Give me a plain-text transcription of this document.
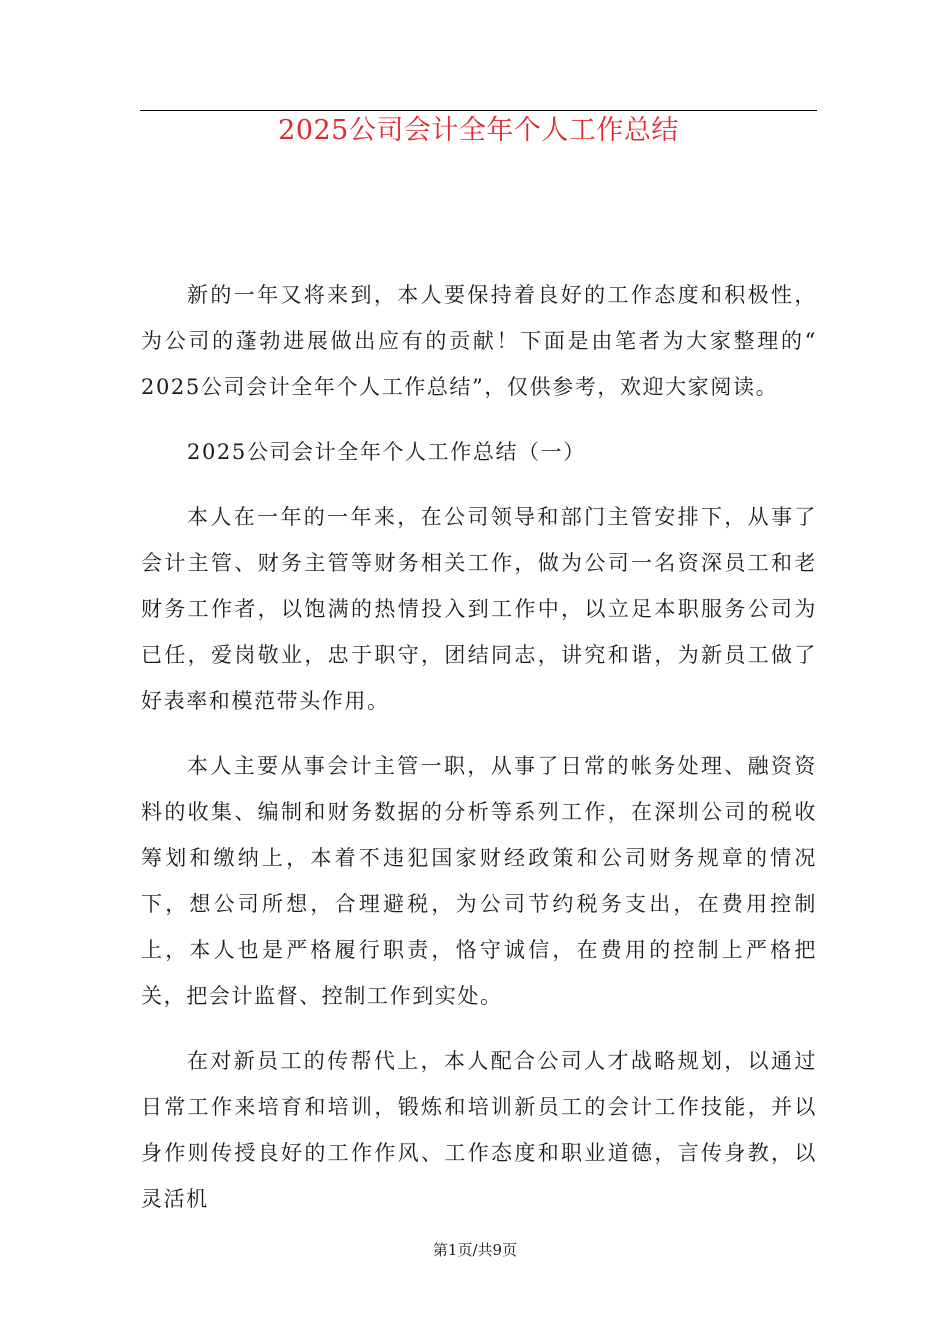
2025公司会计全年个人工作总结

新的一年又将来到，本人要保持着良好的工作态度和积极性，为公司的蓬勃进展做出应有的贡献！下面是由笔者为大家整理的“ 2025公司会计全年个人工作总结”，仅供参考，欢迎大家阅读。

2025公司会计全年个人工作总结（一）

本人在一年的一年来，在公司领导和部门主管安排下，从事了会计主管、财务主管等财务相关工作，做为公司一名资深员工和老财务工作者，以饱满的热情投入到工作中，以立足本职服务公司为已任，爱岗敬业，忠于职守，团结同志，讲究和谐，为新员工做了好表率和模范带头作用。

本人主要从事会计主管一职，从事了日常的帐务处理、融资资料的收集、编制和财务数据的分析等系列工作，在深圳公司的税收筹划和缴纳上，本着不违犯国家财经政策和公司财务规章的情况下，想公司所想，合理避税，为公司节约税务支出，在费用控制上，本人也是严格履行职责，恪守诚信，在费用的控制上严格把关，把会计监督、控制工作到实处。

在对新员工的传帮代上，本人配合公司人才战略规划，以通过日常工作来培育和培训，锻炼和培训新员工的会计工作技能，并以身作则传授良好的工作作风、工作态度和职业道德，言传身教，以灵活机

第1页/共9页
